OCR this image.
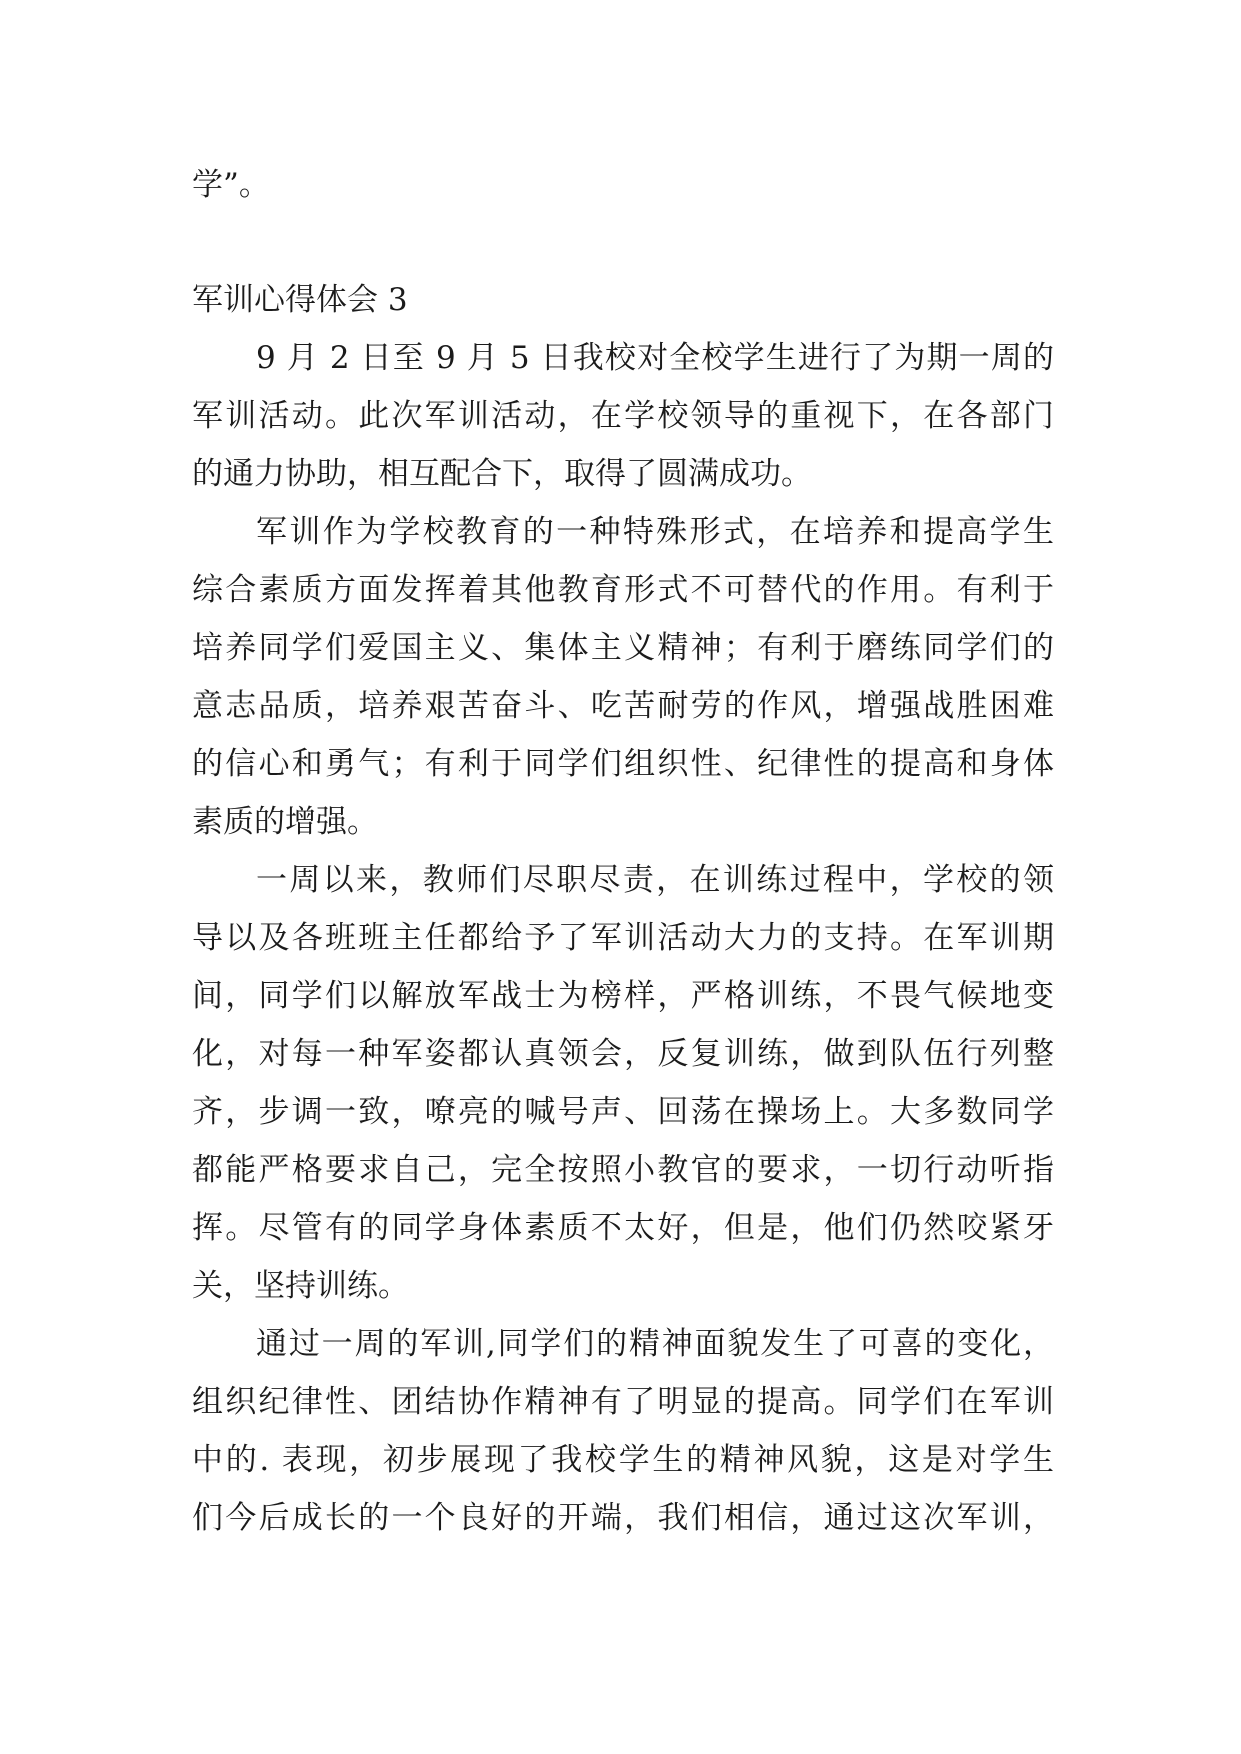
学”。

军训心得体会 3

9 月 2 日至 9 月 5 日我校对全校学生进行了为期一周的

军训活动。此次军训活动，在学校领导的重视下，在各部门

的通力协助，相互配合下，取得了圆满成功。

军训作为学校教育的一种特殊形式，在培养和提高学生

综合素质方面发挥着其他教育形式不可替代的作用。有利于

培养同学们爱国主义、集体主义精神；有利于磨练同学们的

意志品质，培养艰苦奋斗、吃苦耐劳的作风，增强战胜困难

的信心和勇气；有利于同学们组织性、纪律性的提高和身体

素质的增强。

一周以来，教师们尽职尽责，在训练过程中，学校的领

导以及各班班主任都给予了军训活动大力的支持。在军训期

间，同学们以解放军战士为榜样，严格训练，不畏气候地变

化，对每一种军姿都认真领会，反复训练，做到队伍行列整

齐，步调一致，嘹亮的喊号声、回荡在操场上。大多数同学

都能严格要求自己，完全按照小教官的要求，一切行动听指

挥。尽管有的同学身体素质不太好，但是，他们仍然咬紧牙

关，坚持训练。

通过一周的军训,同学们的精神面貌发生了可喜的变化，

组织纪律性、团结协作精神有了明显的提高。同学们在军训

中的. 表现，初步展现了我校学生的精神风貌，这是对学生

们今后成长的一个良好的开端，我们相信，通过这次军训，
